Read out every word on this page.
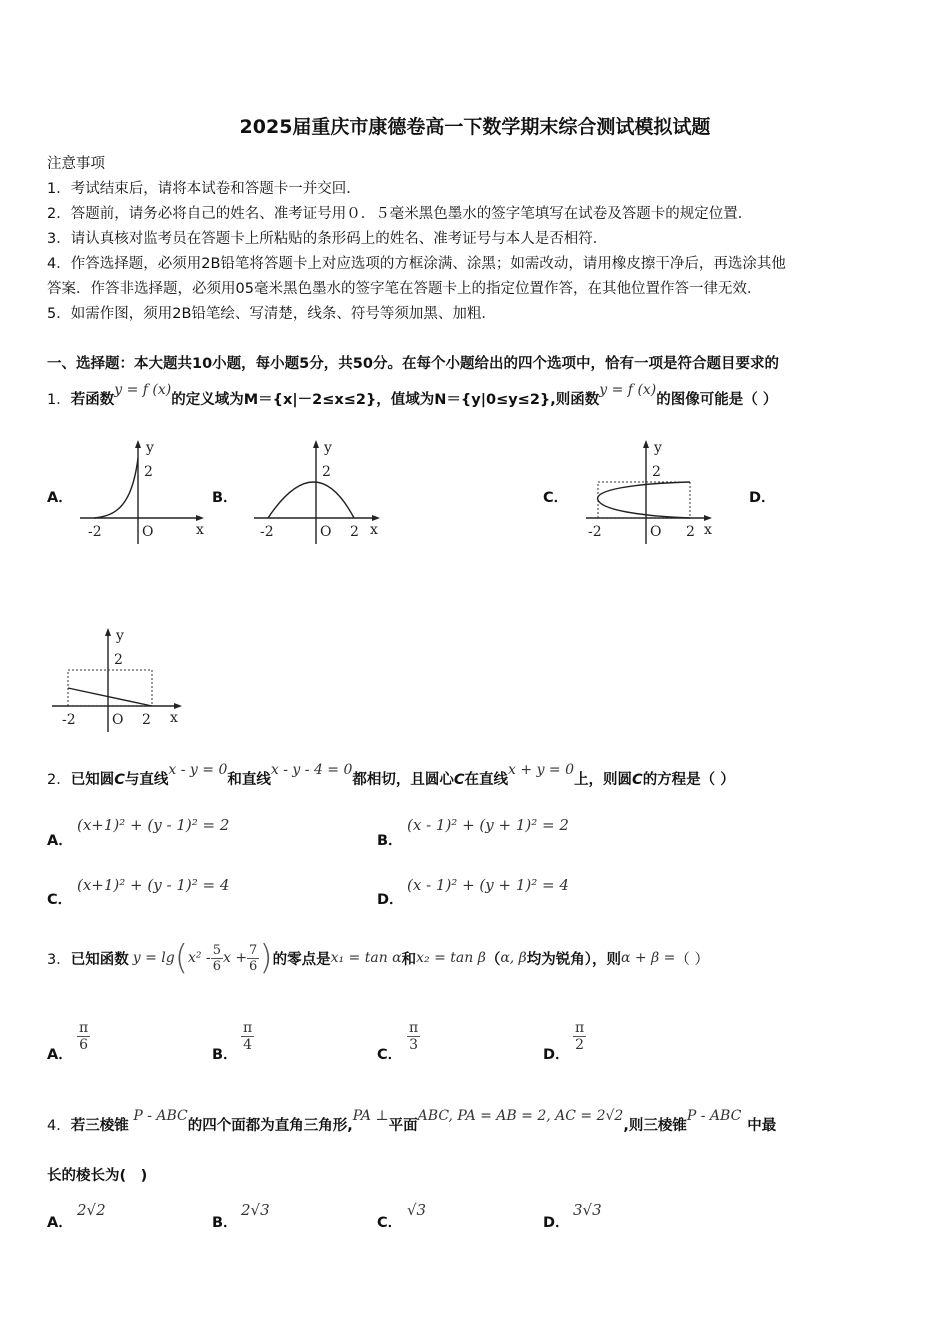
2025届重庆市康德卷高一下数学期末综合测试模拟试题
注意事项
1．考试结束后，请将本试卷和答题卡一并交回．
2．答题前，请务必将自己的姓名、准考证号用０．５毫米黑色墨水的签字笔填写在试卷及答题卡的规定位置．
3．请认真核对监考员在答题卡上所粘贴的条形码上的姓名、准考证号与本人是否相符．
4．作答选择题，必须用2B铅笔将答题卡上对应选项的方框涂满、涂黑；如需改动，请用橡皮擦干净后，再选涂其他
答案．作答非选择题，必须用05毫米黑色墨水的签字笔在答题卡上的指定位置作答，在其他位置作答一律无效．
5．如需作图，须用2B铅笔绘、写清楚，线条、符号等须加黑、加粗．
一、选择题：本大题共10小题，每小题5分，共50分。在每个小题给出的四个选项中，恰有一项是符合题目要求的
1．若函数y = f (x)的定义域为M＝{x|－2≤x≤2}，值域为N＝{y|0≤y≤2},则函数y = f (x)的图像可能是（ ）
A．	B．	C．	D．
y
2
-2	O	x
y
2
-2	O 2 x
y
2
-2	O 2 x
y
2
-2	O 2 x
2．已知圆C与直线x - y = 0和直线x - y - 4 = 0都相切，且圆心C在直线x + y = 0上，则圆C的方程是（ ）
A．
(x+1)² + (y - 1)² = 2
B．
(x - 1)² + (y + 1)² = 2
C．
(x+1)² + (y - 1)² = 4
D．
(x - 1)² + (y + 1)² = 4
3． 已知函数 y = lg ( $x^2 - \frac{5}{6}$ $x + \frac{7}{6}$ ) 的零点是 x₁ = tan α 和 x₂ = tan β （ α, β 均为锐角），则 α + β = （ ）
A．
$\frac{\pi}{6}$
B．
$\frac{\pi}{4}$
C．
$\frac{\pi}{3}$
D．
$\frac{\pi}{2}$
4．若三棱锥 P - ABC的四个面都为直角三角形,PA ⊥平面ABC, PA = AB = 2, AC = 2√2,则三棱锥P - ABC中最
长的棱长为(　)
A．
2√2
B．
2√3
C．
√3
D．
3√3
